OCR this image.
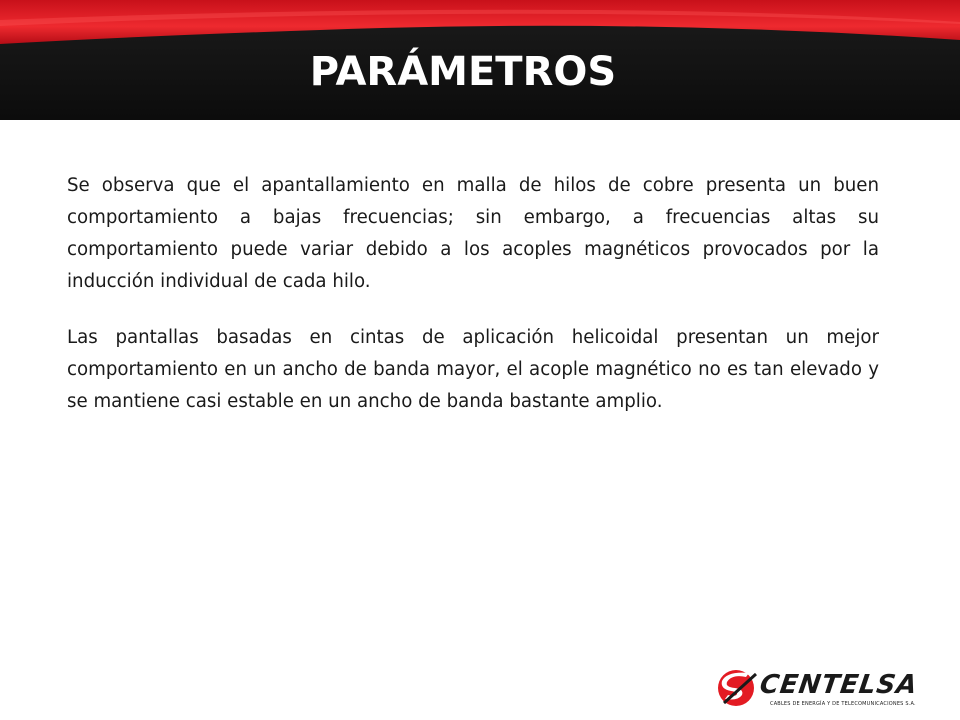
PARÁMETROS

Se observa que el apantallamiento en malla de hilos de cobre presenta un buen comportamiento a bajas frecuencias; sin embargo, a frecuencias altas su comportamiento puede variar debido a los acoples magnéticos provocados por la inducción individual de cada hilo.

Las pantallas basadas en cintas de aplicación helicoidal presentan un mejor comportamiento en un ancho de banda mayor, el acople magnético no es tan elevado y se mantiene casi estable en un ancho de banda bastante amplio.

CENTELSA
CABLES DE ENERGÍA Y DE TELECOMUNICACIONES S.A.
